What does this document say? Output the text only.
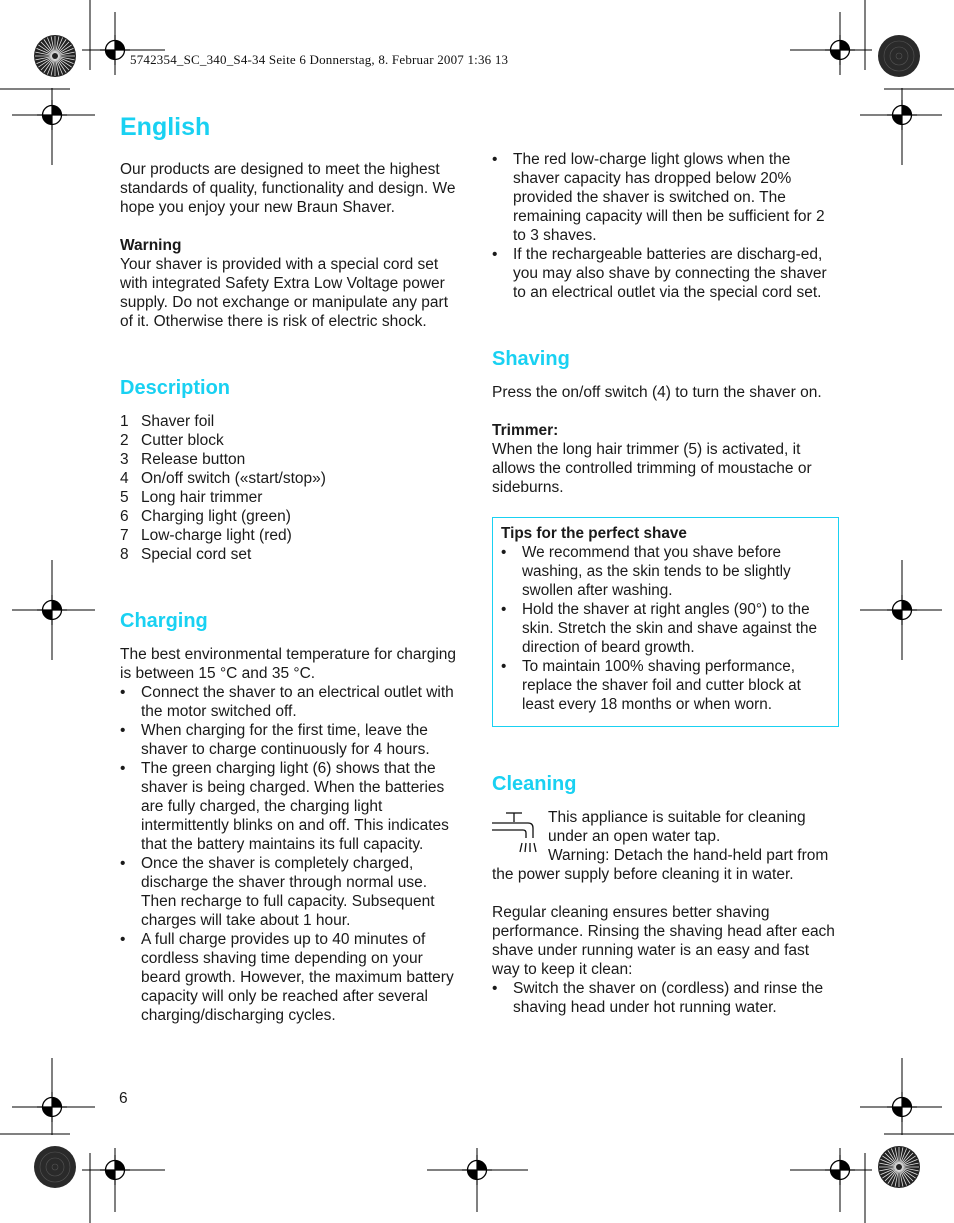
5742354_SC_340_S4-34 Seite 6 Donnerstag, 8. Februar 2007 1:36 13
English

Our products are designed to meet the highest standards of quality, functionality and design. We hope you enjoy your new Braun Shaver.

Warning

Your shaver is provided with a special cord set with integrated Safety Extra Low Voltage power supply. Do not exchange or manipulate any part of it. Otherwise there is risk of electric shock.

Description
1 Shaver foil
2 Cutter block
3 Release button
4 On/off switch («start/stop»)
5 Long hair trimmer
6 Charging light (green)
7 Low-charge light (red)
8 Special cord set
Charging

The best environmental temperature for charging is between 15 °C and 35 °C.

• Connect the shaver to an electrical outlet with the motor switched off.
• When charging for the first time, leave the shaver to charge continuously for 4 hours.
• The green charging light (6) shows that the shaver is being charged. When the batteries are fully charged, the charging light intermittently blinks on and off. This indicates that the battery maintains its full capacity.
• Once the shaver is completely charged, discharge the shaver through normal use. Then recharge to full capacity. Subsequent charges will take about 1 hour.
• A full charge provides up to 40 minutes of cordless shaving time depending on your beard growth. However, the maximum battery capacity will only be reached after several charging/discharging cycles.
6
• The red low-charge light glows when the shaver capacity has dropped below 20% provided the shaver is switched on. The remaining capacity will then be sufficient for 2 to 3 shaves.
• If the rechargeable batteries are discharg-ed, you may also shave by connecting the shaver to an electrical outlet via the special cord set.
Shaving

Press the on/off switch (4) to turn the shaver on.

Trimmer:

When the long hair trimmer (5) is activated, it allows the controlled trimming of moustache or sideburns.

Tips for the perfect shave

• We recommend that you shave before washing, as the skin tends to be slightly swollen after washing.
• Hold the shaver at right angles (90°) to the skin. Stretch the skin and shave against the direction of beard growth.
• To maintain 100% shaving performance, replace the shaver foil and cutter block at least every 18 months or when worn.
Cleaning

This appliance is suitable for cleaning under an open water tap.

Warning: Detach the hand-held part from the power supply before cleaning it in water.

Regular cleaning ensures better shaving performance. Rinsing the shaving head after each shave under running water is an easy and fast way to keep it clean:

• Switch the shaver on (cordless) and rinse the shaving head under hot running water.
